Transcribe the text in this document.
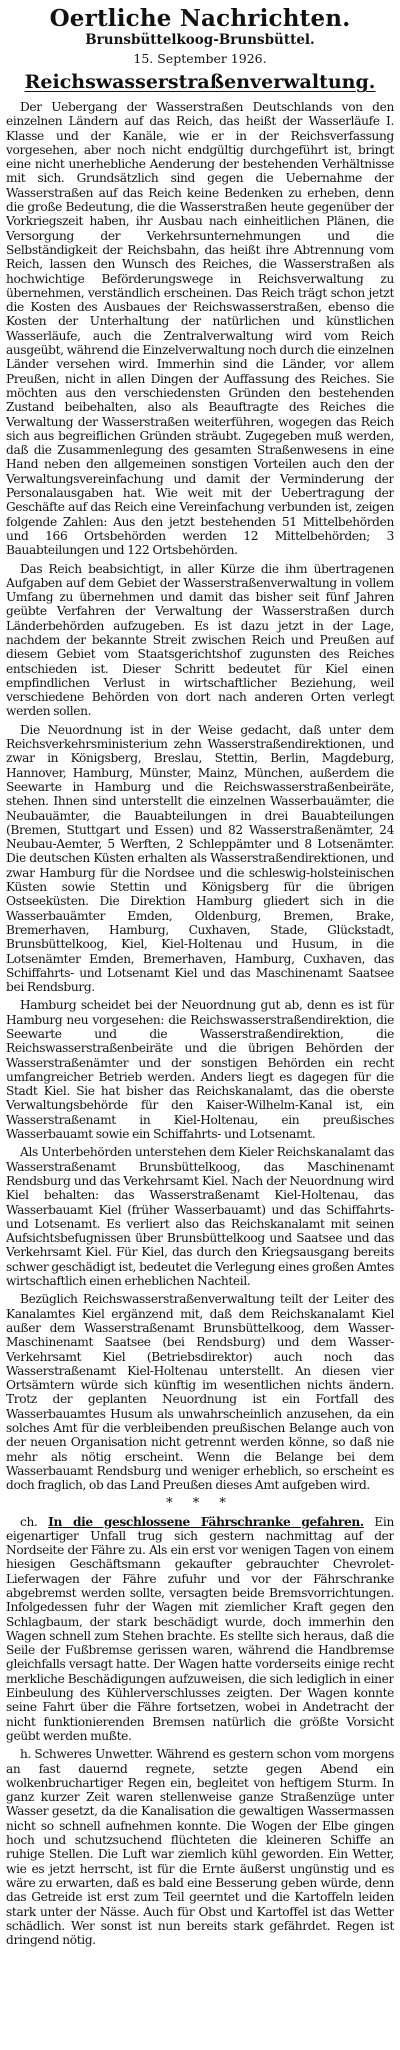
Oertliche Nachrichten.
Brunsbüttelkoog-Brunsbüttel.
15. September 1926.
Reichswasserstraßenverwaltung.

Der Uebergang der Wasserstraßen Deutschlands von den einzelnen Ländern auf das Reich, das heißt der Wasserläufe I. Klasse und der Kanäle, wie er in der Reichsverfassung vorgesehen, aber noch nicht endgültig durchgeführt ist, bringt eine nicht unerhebliche Aenderung der bestehenden Verhältnisse mit sich. Grundsätzlich sind gegen die Uebernahme der Wasserstraßen auf das Reich keine Bedenken zu erheben, denn die große Bedeutung, die die Wasserstraßen heute gegenüber der Vorkriegszeit haben, ihr Ausbau nach einheitlichen Plänen, die Versorgung der Verkehrsunternehmungen und die Selbständigkeit der Reichsbahn, das heißt ihre Abtrennung vom Reich, lassen den Wunsch des Reiches, die Wasserstraßen als hochwichtige Beförderungswege in Reichsverwaltung zu übernehmen, verständlich erscheinen. Das Reich trägt schon jetzt die Kosten des Ausbaues der Reichswasserstraßen, ebenso die Kosten der Unterhaltung der natürlichen und künstlichen Wasserläufe, auch die Zentralverwaltung wird vom Reich ausgeübt, während die Einzelverwaltung noch durch die einzelnen Länder versehen wird. Immerhin sind die Länder, vor allem Preußen, nicht in allen Dingen der Auffassung des Reiches. Sie möchten aus den verschiedensten Gründen den bestehenden Zustand beibehalten, also als Beauftragte des Reiches die Verwaltung der Wasserstraßen weiterführen, wogegen das Reich sich aus begreiflichen Gründen sträubt. Zugegeben muß werden, daß die Zusammenlegung des gesamten Straßenwesens in eine Hand neben den allgemeinen sonstigen Vorteilen auch den der Verwaltungsvereinfachung und damit der Verminderung der Personalausgaben hat. Wie weit mit der Uebertragung der Geschäfte auf das Reich eine Vereinfachung verbunden ist, zeigen folgende Zahlen: Aus den jetzt bestehenden 51 Mittelbehörden und 166 Ortsbehörden werden 12 Mittelbehörden; 3 Bauabteilungen und 122 Ortsbehörden.

Das Reich beabsichtigt, in aller Kürze die ihm übertragenen Aufgaben auf dem Gebiet der Wasserstraßenverwaltung in vollem Umfang zu übernehmen und damit das bisher seit fünf Jahren geübte Verfahren der Verwaltung der Wasserstraßen durch Länderbehörden aufzugeben. Es ist dazu jetzt in der Lage, nachdem der bekannte Streit zwischen Reich und Preußen auf diesem Gebiet vom Staatsgerichtshof zugunsten des Reiches entschieden ist. Dieser Schritt bedeutet für Kiel einen empfindlichen Verlust in wirtschaftlicher Beziehung, weil verschiedene Behörden von dort nach anderen Orten verlegt werden sollen.

Die Neuordnung ist in der Weise gedacht, daß unter dem Reichsverkehrsministerium zehn Wasserstraßendirektionen, und zwar in Königsberg, Breslau, Stettin, Berlin, Magdeburg, Hannover, Hamburg, Münster, Mainz, München, außerdem die Seewarte in Hamburg und die Reichswasserstraßenbeiräte, stehen. Ihnen sind unterstellt die einzelnen Wasserbauämter, die Neubauämter, die Bauabteilungen in drei Bauabteilungen (Bremen, Stuttgart und Essen) und 82 Wasserstraßenämter, 24 Neubau-Aemter, 5 Werften, 2 Schleppämter und 8 Lotsenämter. Die deutschen Küsten erhalten als Wasserstraßendirektionen, und zwar Hamburg für die Nordsee und die schleswig-holsteinischen Küsten sowie Stettin und Königsberg für die übrigen Ostseeküsten. Die Direktion Hamburg gliedert sich in die Wasserbauämter Emden, Oldenburg, Bremen, Brake, Bremerhaven, Hamburg, Cuxhaven, Stade, Glückstadt, Brunsbüttelkoog, Kiel, Kiel-Holtenau und Husum, in die Lotsenämter Emden, Bremerhaven, Hamburg, Cuxhaven, das Schiffahrts- und Lotsenamt Kiel und das Maschinenamt Saatsee bei Rendsburg.

Hamburg scheidet bei der Neuordnung gut ab, denn es ist für Hamburg neu vorgesehen: die Reichswasserstraßendirektion, die Seewarte und die Wasserstraßendirektion, die Reichswasserstraßenbeiräte und die übrigen Behörden der Wasserstraßenämter und der sonstigen Behörden ein recht umfangreicher Betrieb werden. Anders liegt es dagegen für die Stadt Kiel. Sie hat bisher das Reichskanalamt, das die oberste Verwaltungsbehörde für den Kaiser-Wilhelm-Kanal ist, ein Wasserstraßenamt in Kiel-Holtenau, ein preußisches Wasserbauamt sowie ein Schiffahrts- und Lotsenamt.

Als Unterbehörden unterstehen dem Kieler Reichskanalamt das Wasserstraßenamt Brunsbüttelkoog, das Maschinenamt Rendsburg und das Verkehrsamt Kiel. Nach der Neuordnung wird Kiel behalten: das Wasserstraßenamt Kiel-Holtenau, das Wasserbauamt Kiel (früher Wasserbauamt) und das Schiffahrts- und Lotsenamt. Es verliert also das Reichskanalamt mit seinen Aufsichtsbefugnissen über Brunsbüttelkoog und Saatsee und das Verkehrsamt Kiel. Für Kiel, das durch den Kriegsausgang bereits schwer geschädigt ist, bedeutet die Verlegung eines großen Amtes wirtschaftlich einen erheblichen Nachteil.

Bezüglich Reichswasserstraßenverwaltung teilt der Leiter des Kanalamtes Kiel ergänzend mit, daß dem Reichskanalamt Kiel außer dem Wasserstraßenamt Brunsbüttelkoog, dem Wasser-Maschinenamt Saatsee (bei Rendsburg) und dem Wasser-Verkehrsamt Kiel (Betriebsdirektor) auch noch das Wasserstraßenamt Kiel-Holtenau unterstellt. An diesen vier Ortsämtern würde sich künftig im wesentlichen nichts ändern. Trotz der geplanten Neuordnung ist ein Fortfall des Wasserbauamtes Husum als unwahrscheinlich anzusehen, da ein solches Amt für die verbleibenden preußischen Belange auch von der neuen Organisation nicht getrennt werden könne, so daß nie mehr als nötig erscheint. Wenn die Belange bei dem Wasserbauamt Rendsburg und weniger erheblich, so erscheint es doch fraglich, ob das Land Preußen dieses Amt aufgeben wird.

* * *

ch. In die geschlossene Fährschranke gefahren. Ein eigenartiger Unfall trug sich gestern nachmittag auf der Nordseite der Fähre zu. Als ein erst vor wenigen Tagen von einem hiesigen Geschäftsmann gekaufter gebrauchter Chevrolet-Lieferwagen der Fähre zufuhr und vor der Fährschranke abgebremst werden sollte, versagten beide Bremsvorrichtungen. Infolgedessen fuhr der Wagen mit ziemlicher Kraft gegen den Schlagbaum, der stark beschädigt wurde, doch immerhin den Wagen schnell zum Stehen brachte. Es stellte sich heraus, daß die Seile der Fußbremse gerissen waren, während die Handbremse gleichfalls versagt hatte. Der Wagen hatte vorderseits einige recht merkliche Beschädigungen aufzuweisen, die sich lediglich in einer Einbeulung des Kühlerverschlusses zeigten. Der Wagen konnte seine Fahrt über die Fähre fortsetzen, wobei in Andetracht der nicht funktionierenden Bremsen natürlich die größte Vorsicht geübt werden mußte.

h. Schweres Unwetter. Während es gestern schon vom morgens an fast dauernd regnete, setzte gegen Abend ein wolkenbruchartiger Regen ein, begleitet von heftigem Sturm. In ganz kurzer Zeit waren stellenweise ganze Straßenzüge unter Wasser gesetzt, da die Kanalisation die gewaltigen Wassermassen nicht so schnell aufnehmen konnte. Die Wogen der Elbe gingen hoch und schutzsuchend flüchteten die kleineren Schiffe an ruhige Stellen. Die Luft war ziemlich kühl geworden. Ein Wetter, wie es jetzt herrscht, ist für die Ernte äußerst ungünstig und es wäre zu erwarten, daß es bald eine Besserung geben würde, denn das Getreide ist erst zum Teil geerntet und die Kartoffeln leiden stark unter der Nässe. Auch für Obst und Kartoffel ist das Wetter schädlich. Wer sonst ist nun bereits stark gefährdet. Regen ist dringend nötig.
